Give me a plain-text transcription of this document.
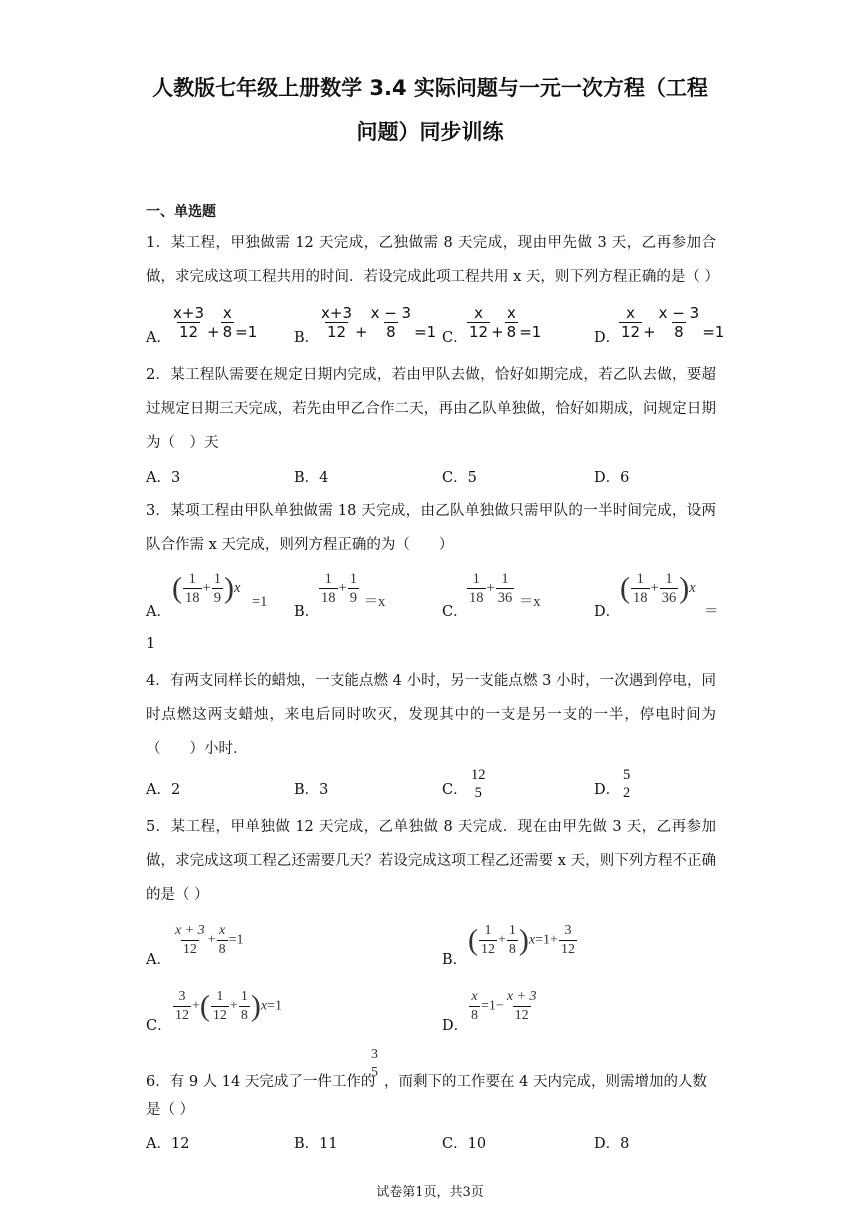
人教版七年级上册数学 3.4 实际问题与一元一次方程（工程
问题）同步训练
一、单选题
1．某工程，甲独做需 12 天完成，乙独做需 8 天完成，现由甲先做 3 天，乙再参加合做，求完成这项工程共用的时间．若设完成此项工程共用 x 天，则下列方程正确的是（ ）
A． $\frac{x+3}{12} + \frac{x}{8} =1$	B． $\frac{x+3}{12} + \frac{x - 3}{8} =1$ C． $\frac{x}{12} + \frac{x}{8} =1$	D．
$\frac{x}{12} + \frac{x - 3}{8} =1$
2．某工程队需要在规定日期内完成，若由甲队去做，恰好如期完成，若乙队去做，要超过规定日期三天完成，若先由甲乙合作二天，再由乙队单独做，恰好如期成，问规定日期为（　）天
A．3	B．4	C．5	D．6
3．某项工程由甲队单独做需 18 天完成，由乙队单独做只需甲队的一半时间完成，设两队合作需 x 天完成，则列方程正确的为（　　）
A．
( $\frac{1}{18} + \frac{1}{9} )x =1$
B．
$\frac{1}{18} + \frac{1}{9} =x$
C．
$\frac{1}{18} + \frac{1}{36} =x$
D．
( $\frac{1}{18} + \frac{1}{36} )x$
＝
1
4．有两支同样长的蜡烛，一支能点燃 4 小时，另一支能点燃 3 小时，一次遇到停电，同时点燃这两支蜡烛，来电后同时吹灭，发现其中的一支是另一支的一半，停电时间为（　　）小时．
A．2	B．3	C．
12
5	D．
5
2
5．某工程，甲单独做 12 天完成，乙单独做 8 天完成．现在由甲先做 3 天，乙再参加做，求完成这项工程乙还需要几天？若设完成这项工程乙还需要 x 天，则下列方程不正确的是（ ）
A．
$\frac{x + 3}{12} + \frac{x}{8} =1$
B．
( $\frac{1}{12} + \frac{1}{8} )x=1+ \frac{3}{12}$
C．
$\frac{3}{12}$ +( $\frac{1}{12} + \frac{1}{8} )x=1$
D．
$\frac{x}{8} =1- \frac{x + 3}{12}$
6．有 9 人 14 天完成了一件工作的
3
5
，而剩下的工作要在 4 天内完成，则需增加的人数
是（ ）
A．12	B．11	C．10	D．8
试卷第1页，共3页
